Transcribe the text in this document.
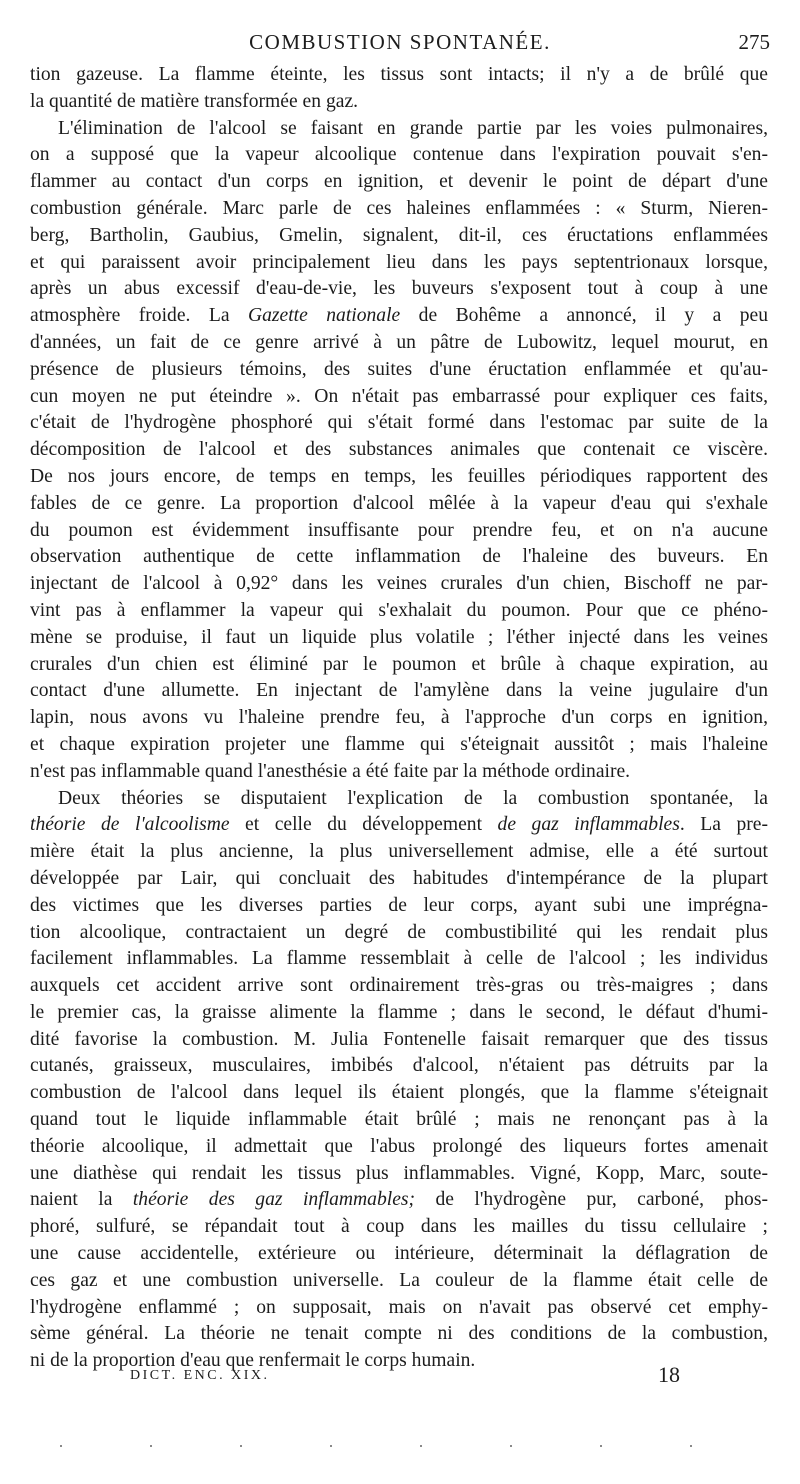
COMBUSTION SPONTANÉE.	275
tion gazeuse. La flamme éteinte, les tissus sont intacts; il n'y a de brûlé que
la quantité de matière transformée en gaz.
L'élimination de l'alcool se faisant en grande partie par les voies pulmonaires,
on a supposé que la vapeur alcoolique contenue dans l'expiration pouvait s'en-
flammer au contact d'un corps en ignition, et devenir le point de départ d'une
combustion générale. Marc parle de ces haleines enflammées : « Sturm, Nieren-
berg, Bartholin, Gaubius, Gmelin, signalent, dit-il, ces éructations enflammées
et qui paraissent avoir principalement lieu dans les pays septentrionaux lorsque,
après un abus excessif d'eau-de-vie, les buveurs s'exposent tout à coup à une
atmosphère froide. La Gazette nationale de Bohême a annoncé, il y a peu
d'années, un fait de ce genre arrivé à un pâtre de Lubowitz, lequel mourut, en
présence de plusieurs témoins, des suites d'une éructation enflammée et qu'au-
cun moyen ne put éteindre ». On n'était pas embarrassé pour expliquer ces faits,
c'était de l'hydrogène phosphoré qui s'était formé dans l'estomac par suite de la
décomposition de l'alcool et des substances animales que contenait ce viscère.
De nos jours encore, de temps en temps, les feuilles périodiques rapportent des
fables de ce genre. La proportion d'alcool mêlée à la vapeur d'eau qui s'exhale
du poumon est évidemment insuffisante pour prendre feu, et on n'a aucune
observation authentique de cette inflammation de l'haleine des buveurs. En
injectant de l'alcool à 0,92° dans les veines crurales d'un chien, Bischoff ne par-
vint pas à enflammer la vapeur qui s'exhalait du poumon. Pour que ce phéno-
mène se produise, il faut un liquide plus volatile ; l'éther injecté dans les veines
crurales d'un chien est éliminé par le poumon et brûle à chaque expiration, au
contact d'une allumette. En injectant de l'amylène dans la veine jugulaire d'un
lapin, nous avons vu l'haleine prendre feu, à l'approche d'un corps en ignition,
et chaque expiration projeter une flamme qui s'éteignait aussitôt ; mais l'haleine
n'est pas inflammable quand l'anesthésie a été faite par la méthode ordinaire.
Deux théories se disputaient l'explication de la combustion spontanée, la
théorie de l'alcoolisme et celle du développement de gaz inflammables. La pre-
mière était la plus ancienne, la plus universellement admise, elle a été surtout
développée par Lair, qui concluait des habitudes d'intempérance de la plupart
des victimes que les diverses parties de leur corps, ayant subi une imprégna-
tion alcoolique, contractaient un degré de combustibilité qui les rendait plus
facilement inflammables. La flamme ressemblait à celle de l'alcool ; les individus
auxquels cet accident arrive sont ordinairement très-gras ou très-maigres ; dans
le premier cas, la graisse alimente la flamme ; dans le second, le défaut d'humi-
dité favorise la combustion. M. Julia Fontenelle faisait remarquer que des tissus
cutanés, graisseux, musculaires, imbibés d'alcool, n'étaient pas détruits par la
combustion de l'alcool dans lequel ils étaient plongés, que la flamme s'éteignait
quand tout le liquide inflammable était brûlé ; mais ne renonçant pas à la
théorie alcoolique, il admettait que l'abus prolongé des liqueurs fortes amenait
une diathèse qui rendait les tissus plus inflammables. Vigné, Kopp, Marc, soute-
naient la théorie des gaz inflammables; de l'hydrogène pur, carboné, phos-
phoré, sulfuré, se répandait tout à coup dans les mailles du tissu cellulaire ;
une cause accidentelle, extérieure ou intérieure, déterminait la déflagration de
ces gaz et une combustion universelle. La couleur de la flamme était celle de
l'hydrogène enflammé ; on supposait, mais on n'avait pas observé cet emphy-
sème général. La théorie ne tenait compte ni des conditions de la combustion,
ni de la proportion d'eau que renfermait le corps humain.
DICT. ENC. XIX.	18
